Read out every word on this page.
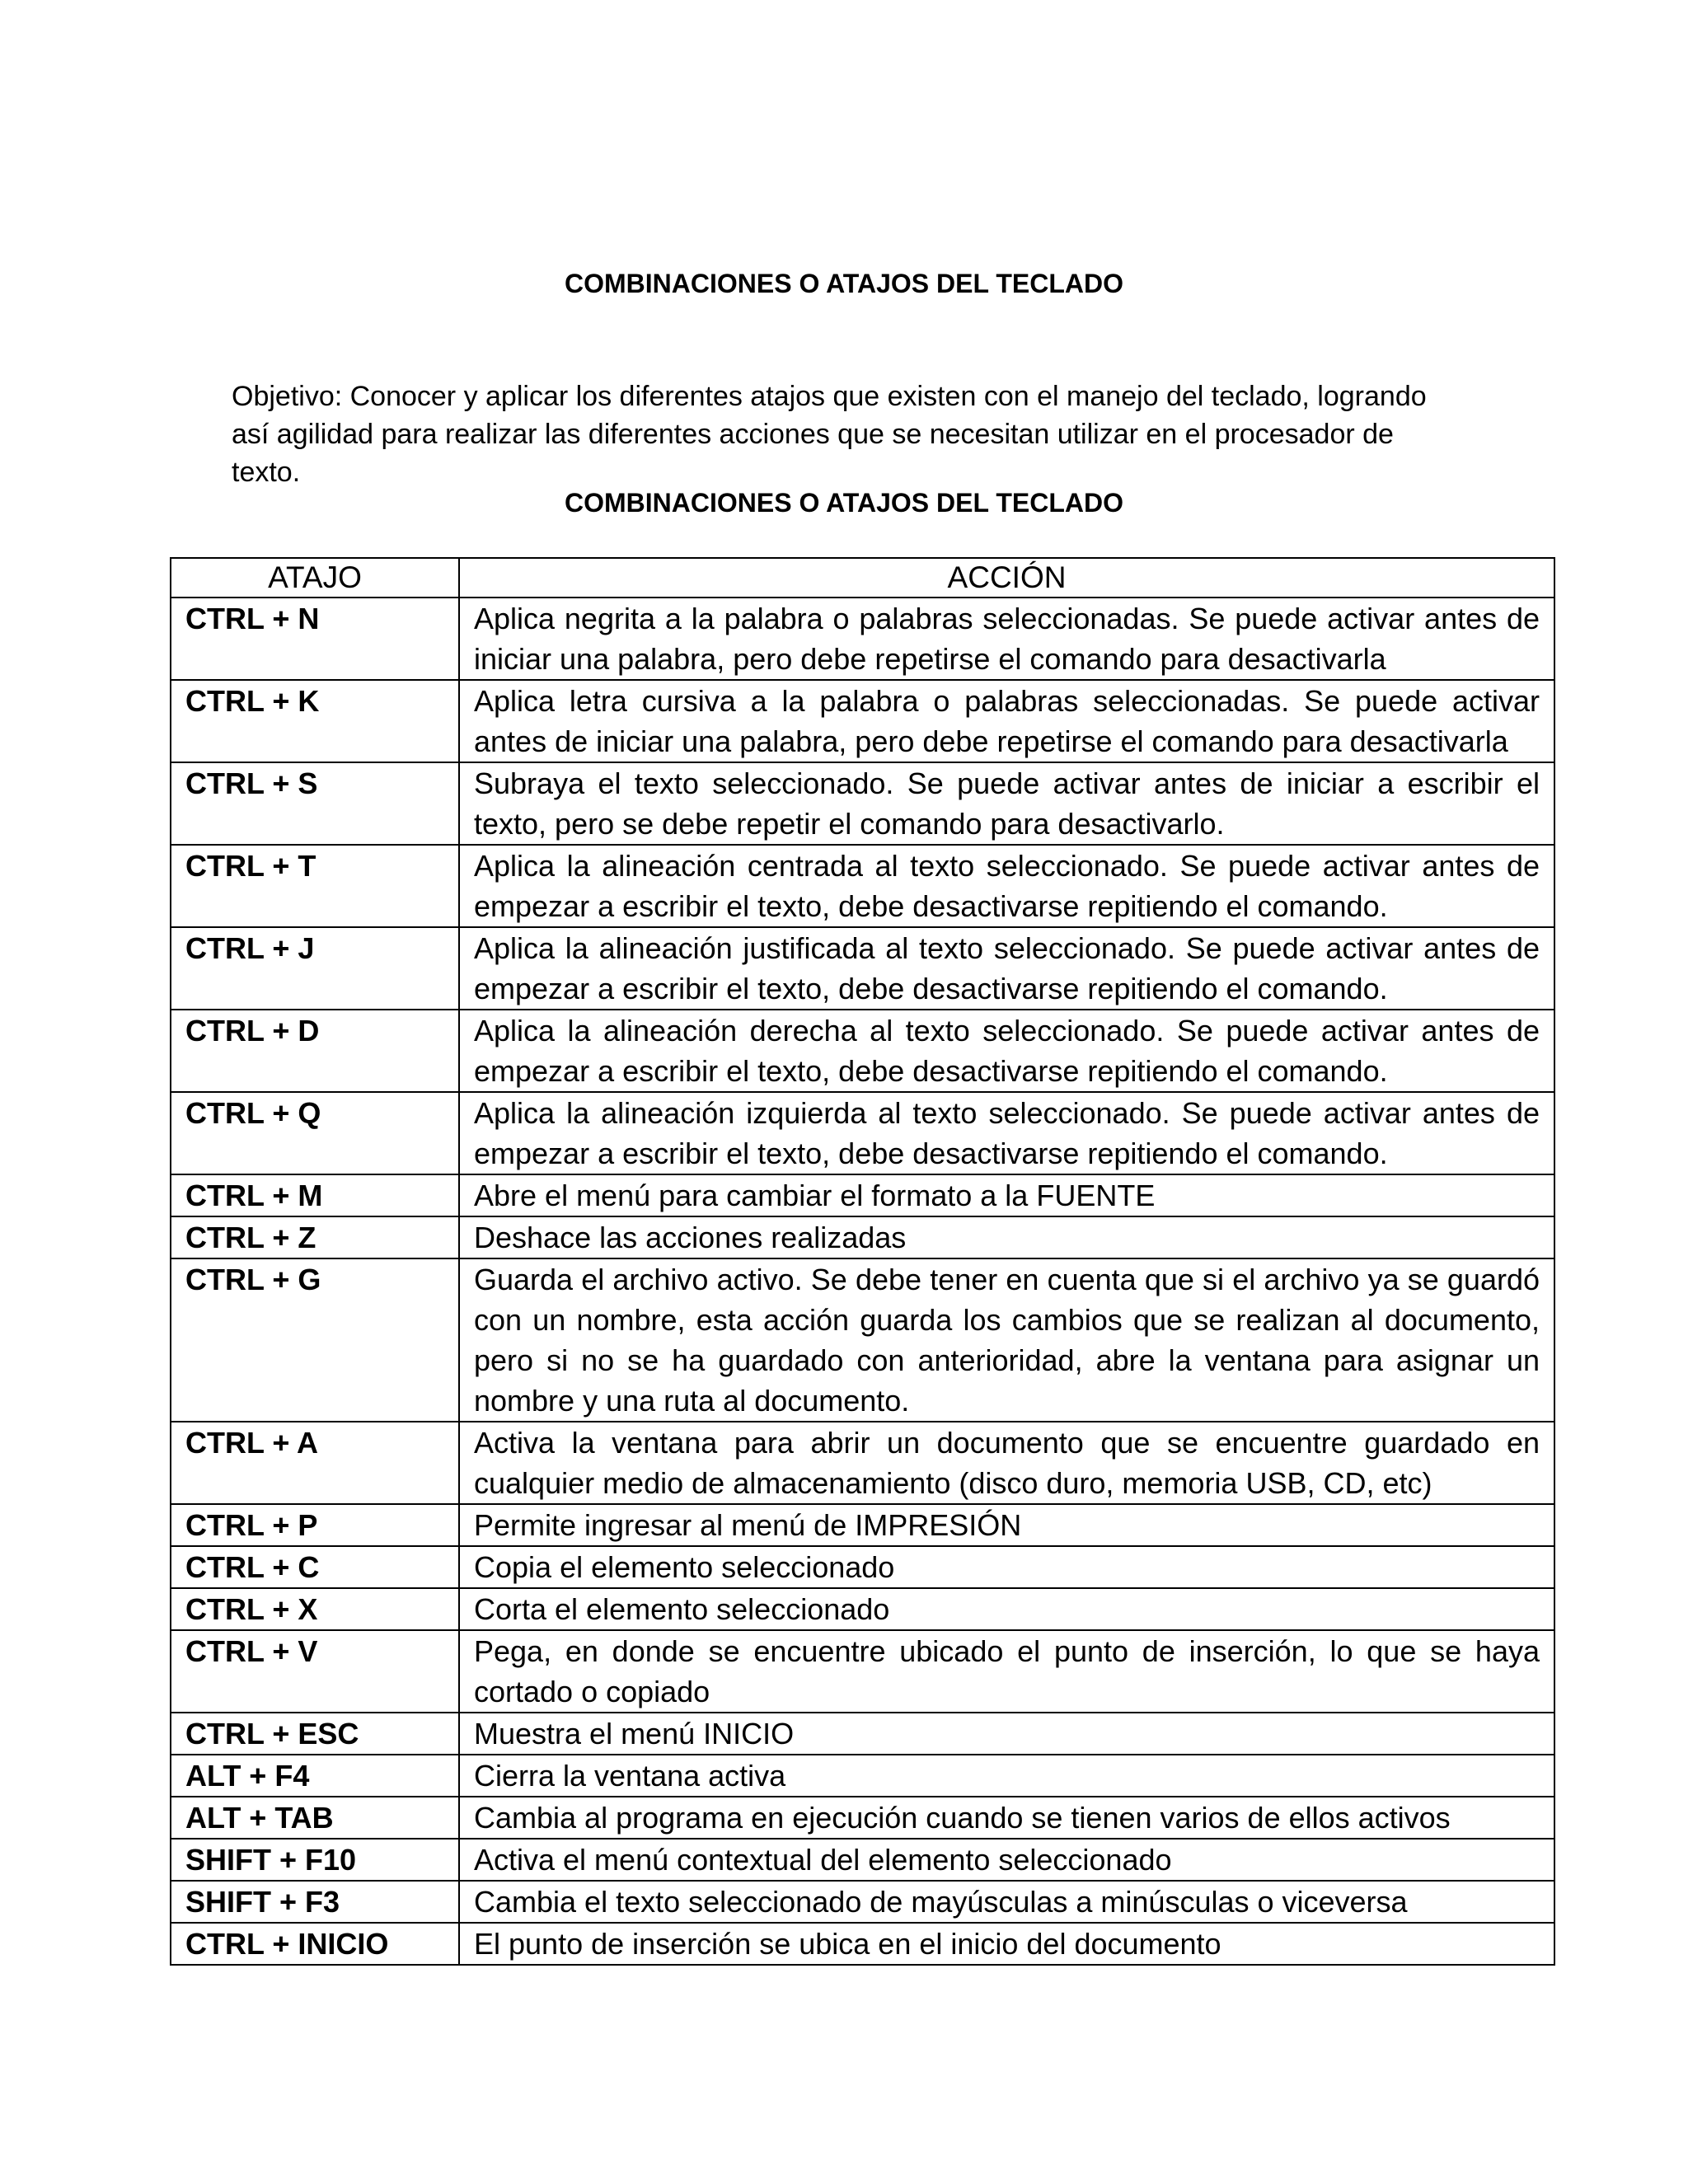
COMBINACIONES O ATAJOS DEL TECLADO

Objetivo: Conocer y aplicar los diferentes atajos que existen con el manejo del teclado, logrando así agilidad para realizar las diferentes acciones que se necesitan utilizar en el procesador de texto.

COMBINACIONES O ATAJOS DEL TECLADO
ATAJO	ACCIÓN
CTRL + N	Aplica negrita a la palabra o palabras seleccionadas. Se puede activar antes de iniciar una palabra, pero debe repetirse el comando para desactivarla
CTRL + K	Aplica letra cursiva a la palabra o palabras seleccionadas. Se puede activar antes de iniciar una palabra, pero debe repetirse el comando para desactivarla
CTRL + S	Subraya el texto seleccionado. Se puede activar antes de iniciar a escribir el texto, pero se debe repetir el comando para desactivarlo.
CTRL + T	Aplica la alineación centrada al texto seleccionado. Se puede activar antes de empezar a escribir el texto, debe desactivarse repitiendo el comando.
CTRL + J	Aplica la alineación justificada al texto seleccionado. Se puede activar antes de empezar a escribir el texto, debe desactivarse repitiendo el comando.
CTRL + D	Aplica la alineación derecha al texto seleccionado. Se puede activar antes de empezar a escribir el texto, debe desactivarse repitiendo el comando.
CTRL + Q	Aplica la alineación izquierda al texto seleccionado. Se puede activar antes de empezar a escribir el texto, debe desactivarse repitiendo el comando.
CTRL + M	Abre el menú para cambiar el formato a la FUENTE
CTRL + Z	Deshace las acciones realizadas
CTRL + G	Guarda el archivo activo. Se debe tener en cuenta que si el archivo ya se guardó con un nombre, esta acción guarda los cambios que se realizan al documento, pero si no se ha guardado con anterioridad, abre la ventana para asignar un nombre y una ruta al documento.
CTRL + A	Activa la ventana para abrir un documento que se encuentre guardado en cualquier medio de almacenamiento (disco duro, memoria USB, CD, etc)
CTRL + P	Permite ingresar al menú de IMPRESIÓN
CTRL + C	Copia el elemento seleccionado
CTRL + X	Corta el elemento seleccionado
CTRL + V	Pega, en donde se encuentre ubicado el punto de inserción, lo que se haya cortado o copiado
CTRL + ESC	Muestra el menú INICIO
ALT + F4	Cierra la ventana activa
ALT + TAB	Cambia al programa en ejecución cuando se tienen varios de ellos activos
SHIFT + F10	Activa el menú contextual del elemento seleccionado
SHIFT + F3	Cambia el texto seleccionado de mayúsculas a minúsculas o viceversa
CTRL + INICIO	El punto de inserción se ubica en el inicio del documento
